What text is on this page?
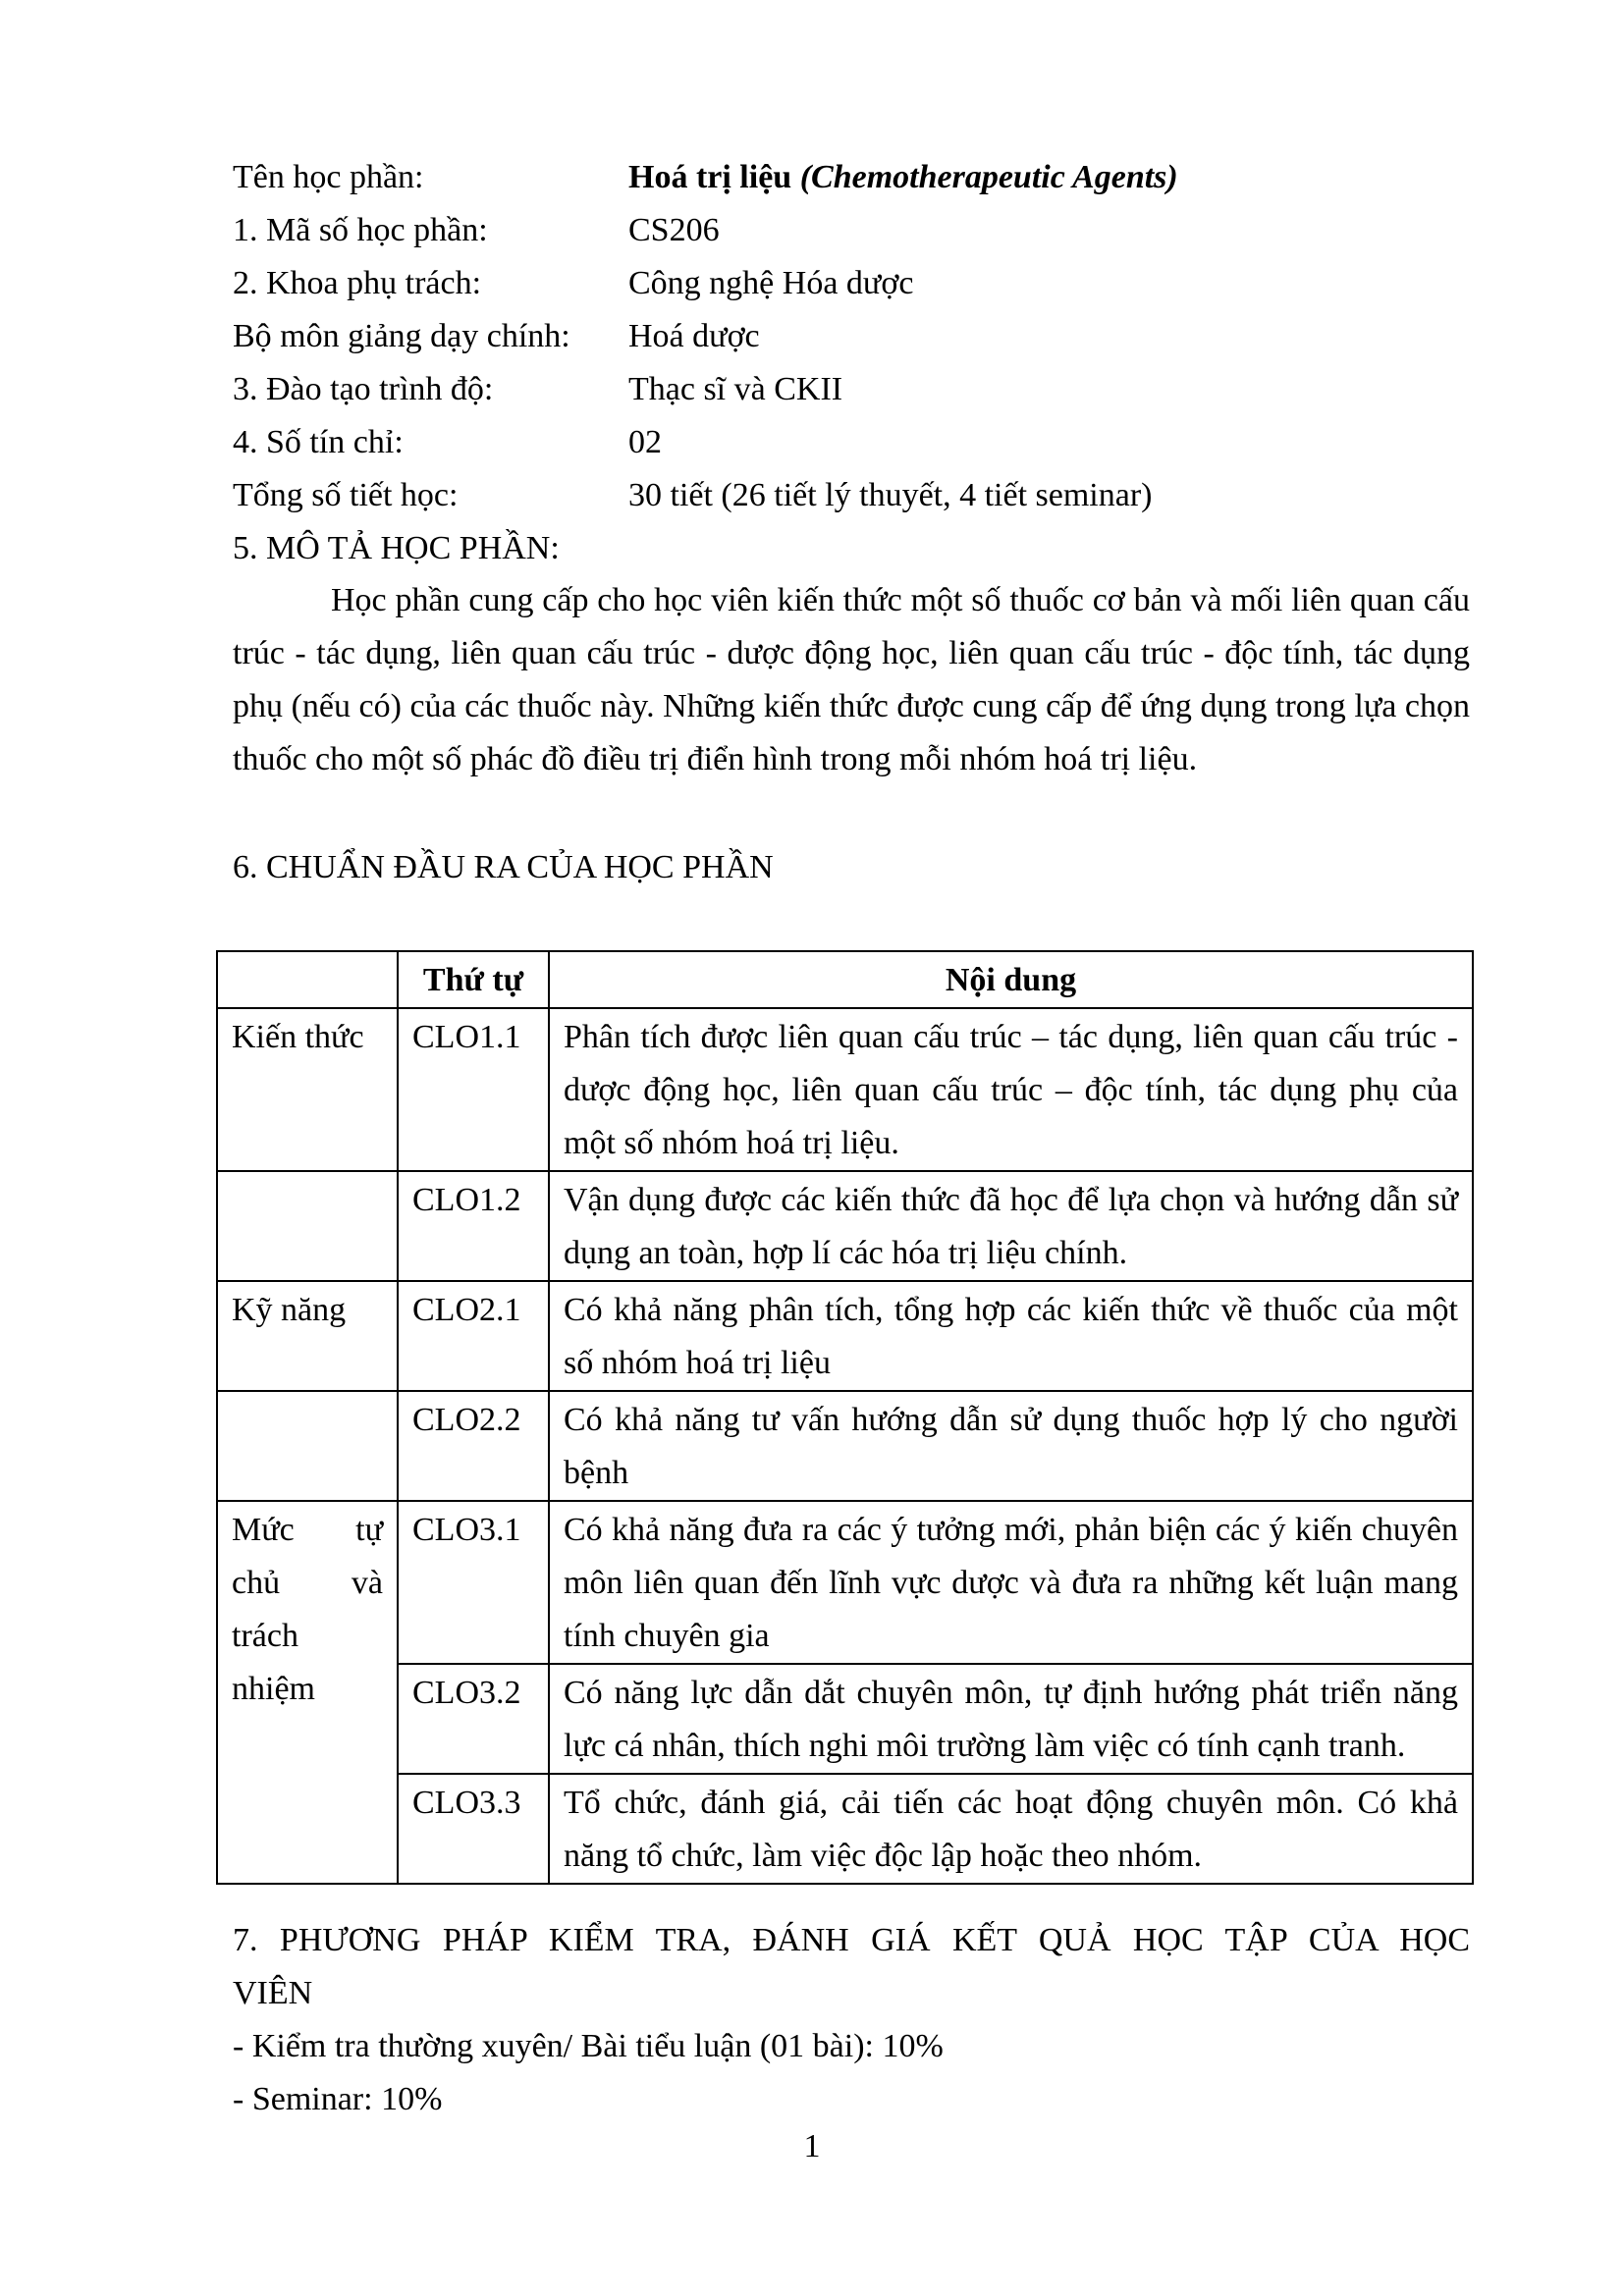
Tên học phần:	Hoá trị liệu (Chemotherapeutic Agents)
1. Mã số học phần:	CS206
2. Khoa phụ trách:	Công nghệ Hóa dược
Bộ môn giảng dạy chính: Hoá dược
3. Đào tạo trình độ:	Thạc sĩ và CKII
4. Số tín chỉ:	02
Tổng số tiết học:	30 tiết (26 tiết lý thuyết, 4 tiết seminar)
5. MÔ TẢ HỌC PHẦN:
Học phần cung cấp cho học viên kiến thức một số thuốc cơ bản và mối liên quan cấu trúc - tác dụng, liên quan cấu trúc - dược động học, liên quan cấu trúc - độc tính, tác dụng phụ (nếu có) của các thuốc này. Những kiến thức được cung cấp để ứng dụng trong lựa chọn thuốc cho một số phác đồ điều trị điển hình trong mỗi nhóm hoá trị liệu.
6. CHUẨN ĐẦU RA CỦA HỌC PHẦN
	Thứ tự	Nội dung
Kiến thức	CLO1.1	Phân tích được liên quan cấu trúc – tác dụng, liên quan cấu trúc - dược động học, liên quan cấu trúc – độc tính, tác dụng phụ của một số nhóm hoá trị liệu.
	CLO1.2	Vận dụng được các kiến thức đã học để lựa chọn và hướng dẫn sử dụng an toàn, hợp lí các hóa trị liệu chính.
Kỹ năng	CLO2.1	Có khả năng phân tích, tổng hợp các kiến thức về thuốc của một số nhóm hoá trị liệu
	CLO2.2	Có khả năng tư vấn hướng dẫn sử dụng thuốc hợp lý cho người bệnh
Mức tự chủ và trách nhiệm	CLO3.1	Có khả năng đưa ra các ý tưởng mới, phản biện các ý kiến chuyên môn liên quan đến lĩnh vực dược và đưa ra những kết luận mang tính chuyên gia
	CLO3.2	Có năng lực dẫn dắt chuyên môn, tự định hướng phát triển năng lực cá nhân, thích nghi môi trường làm việc có tính cạnh tranh.
	CLO3.3	Tổ chức, đánh giá, cải tiến các hoạt động chuyên môn. Có khả năng tổ chức, làm việc độc lập hoặc theo nhóm.
7. PHƯƠNG PHÁP KIỂM TRA, ĐÁNH GIÁ KẾT QUẢ HỌC TẬP CỦA HỌC
VIÊN
- Kiểm tra thường xuyên/ Bài tiểu luận (01 bài): 10%
- Seminar: 10%
1
